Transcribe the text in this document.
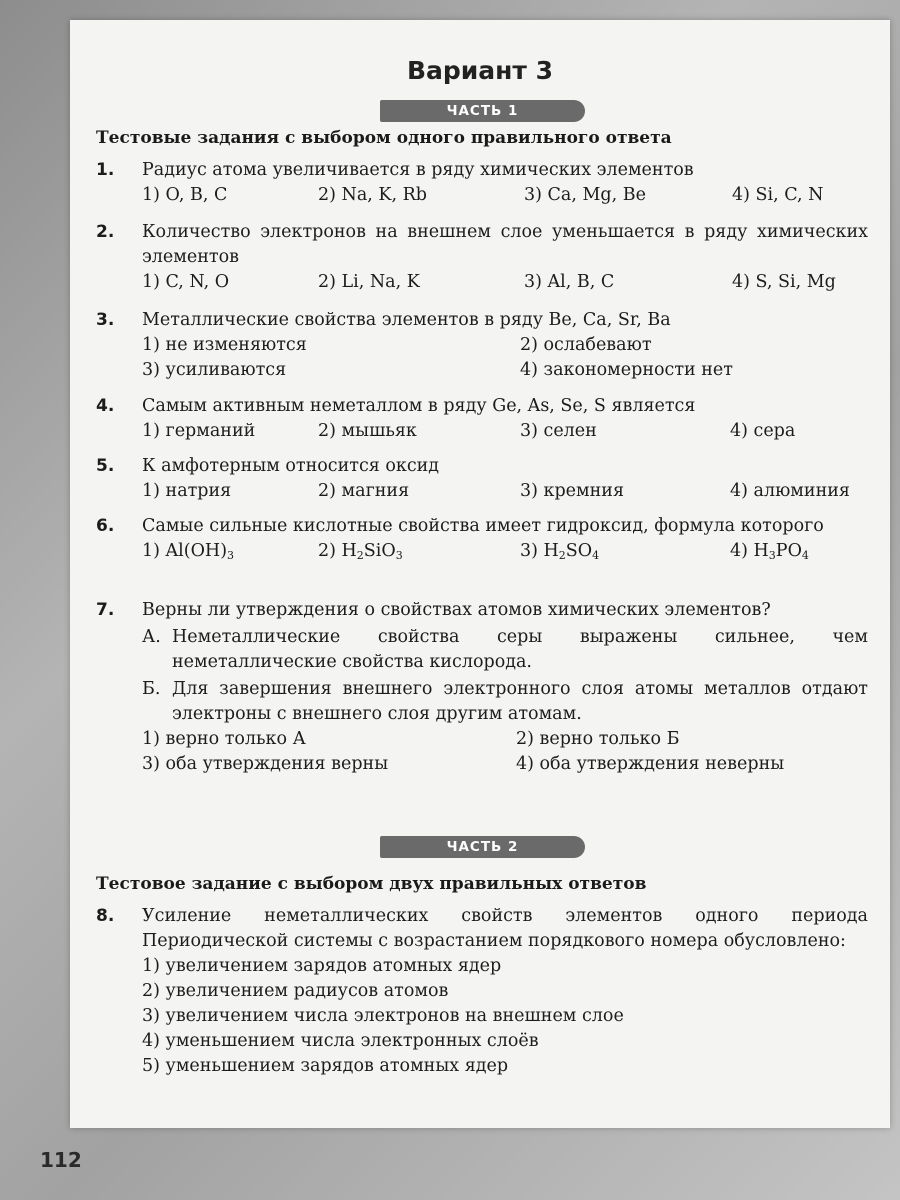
Вариант 3
ЧАСТЬ 1
Тестовые задания с выбором одного правильного ответа
1. Радиус атома увеличивается в ряду химических элементов
1) O, B, C	2) Na, K, Rb	3) Ca, Mg, Be	4) Si, C, N
2. Количество электронов на внешнем слое уменьшается в ряду химических элементов
1) C, N, O	2) Li, Na, K	3) Al, B, C	4) S, Si, Mg
3. Металлические свойства элементов в ряду Be, Ca, Sr, Ba
1) не изменяются	2) ослабевают
3) усиливаются	4) закономерности нет
4. Самым активным неметаллом в ряду Ge, As, Se, S является
1) германий	2) мышьяк	3) селен	4) сера
5. К амфотерным относится оксид
1) натрия	2) магния	3) кремния	4) алюминия
6. Самые сильные кислотные свойства имеет гидроксид, формула которого
1) $Al(OH)_3$	2) $H_2SiO_3$	3) $H_2SO_4$	4) $H_3PO_4$
7. Верны ли утверждения о свойствах атомов химических элементов?
А. Неметаллические свойства серы выражены сильнее, чем неметаллические свойства кислорода.
Б. Для завершения внешнего электронного слоя атомы металлов отдают электроны с внешнего слоя другим атомам.
1) верно только А	2) верно только Б
3) оба утверждения верны	4) оба утверждения неверны
ЧАСТЬ 2
Тестовое задание с выбором двух правильных ответов
8. Усиление неметаллических свойств элементов одного периода Периодической системы с возрастанием порядкового номера обусловлено:
1) увеличением зарядов атомных ядер
2) увеличением радиусов атомов
3) увеличением числа электронов на внешнем слое
4) уменьшением числа электронных слоёв
5) уменьшением зарядов атомных ядер
112
